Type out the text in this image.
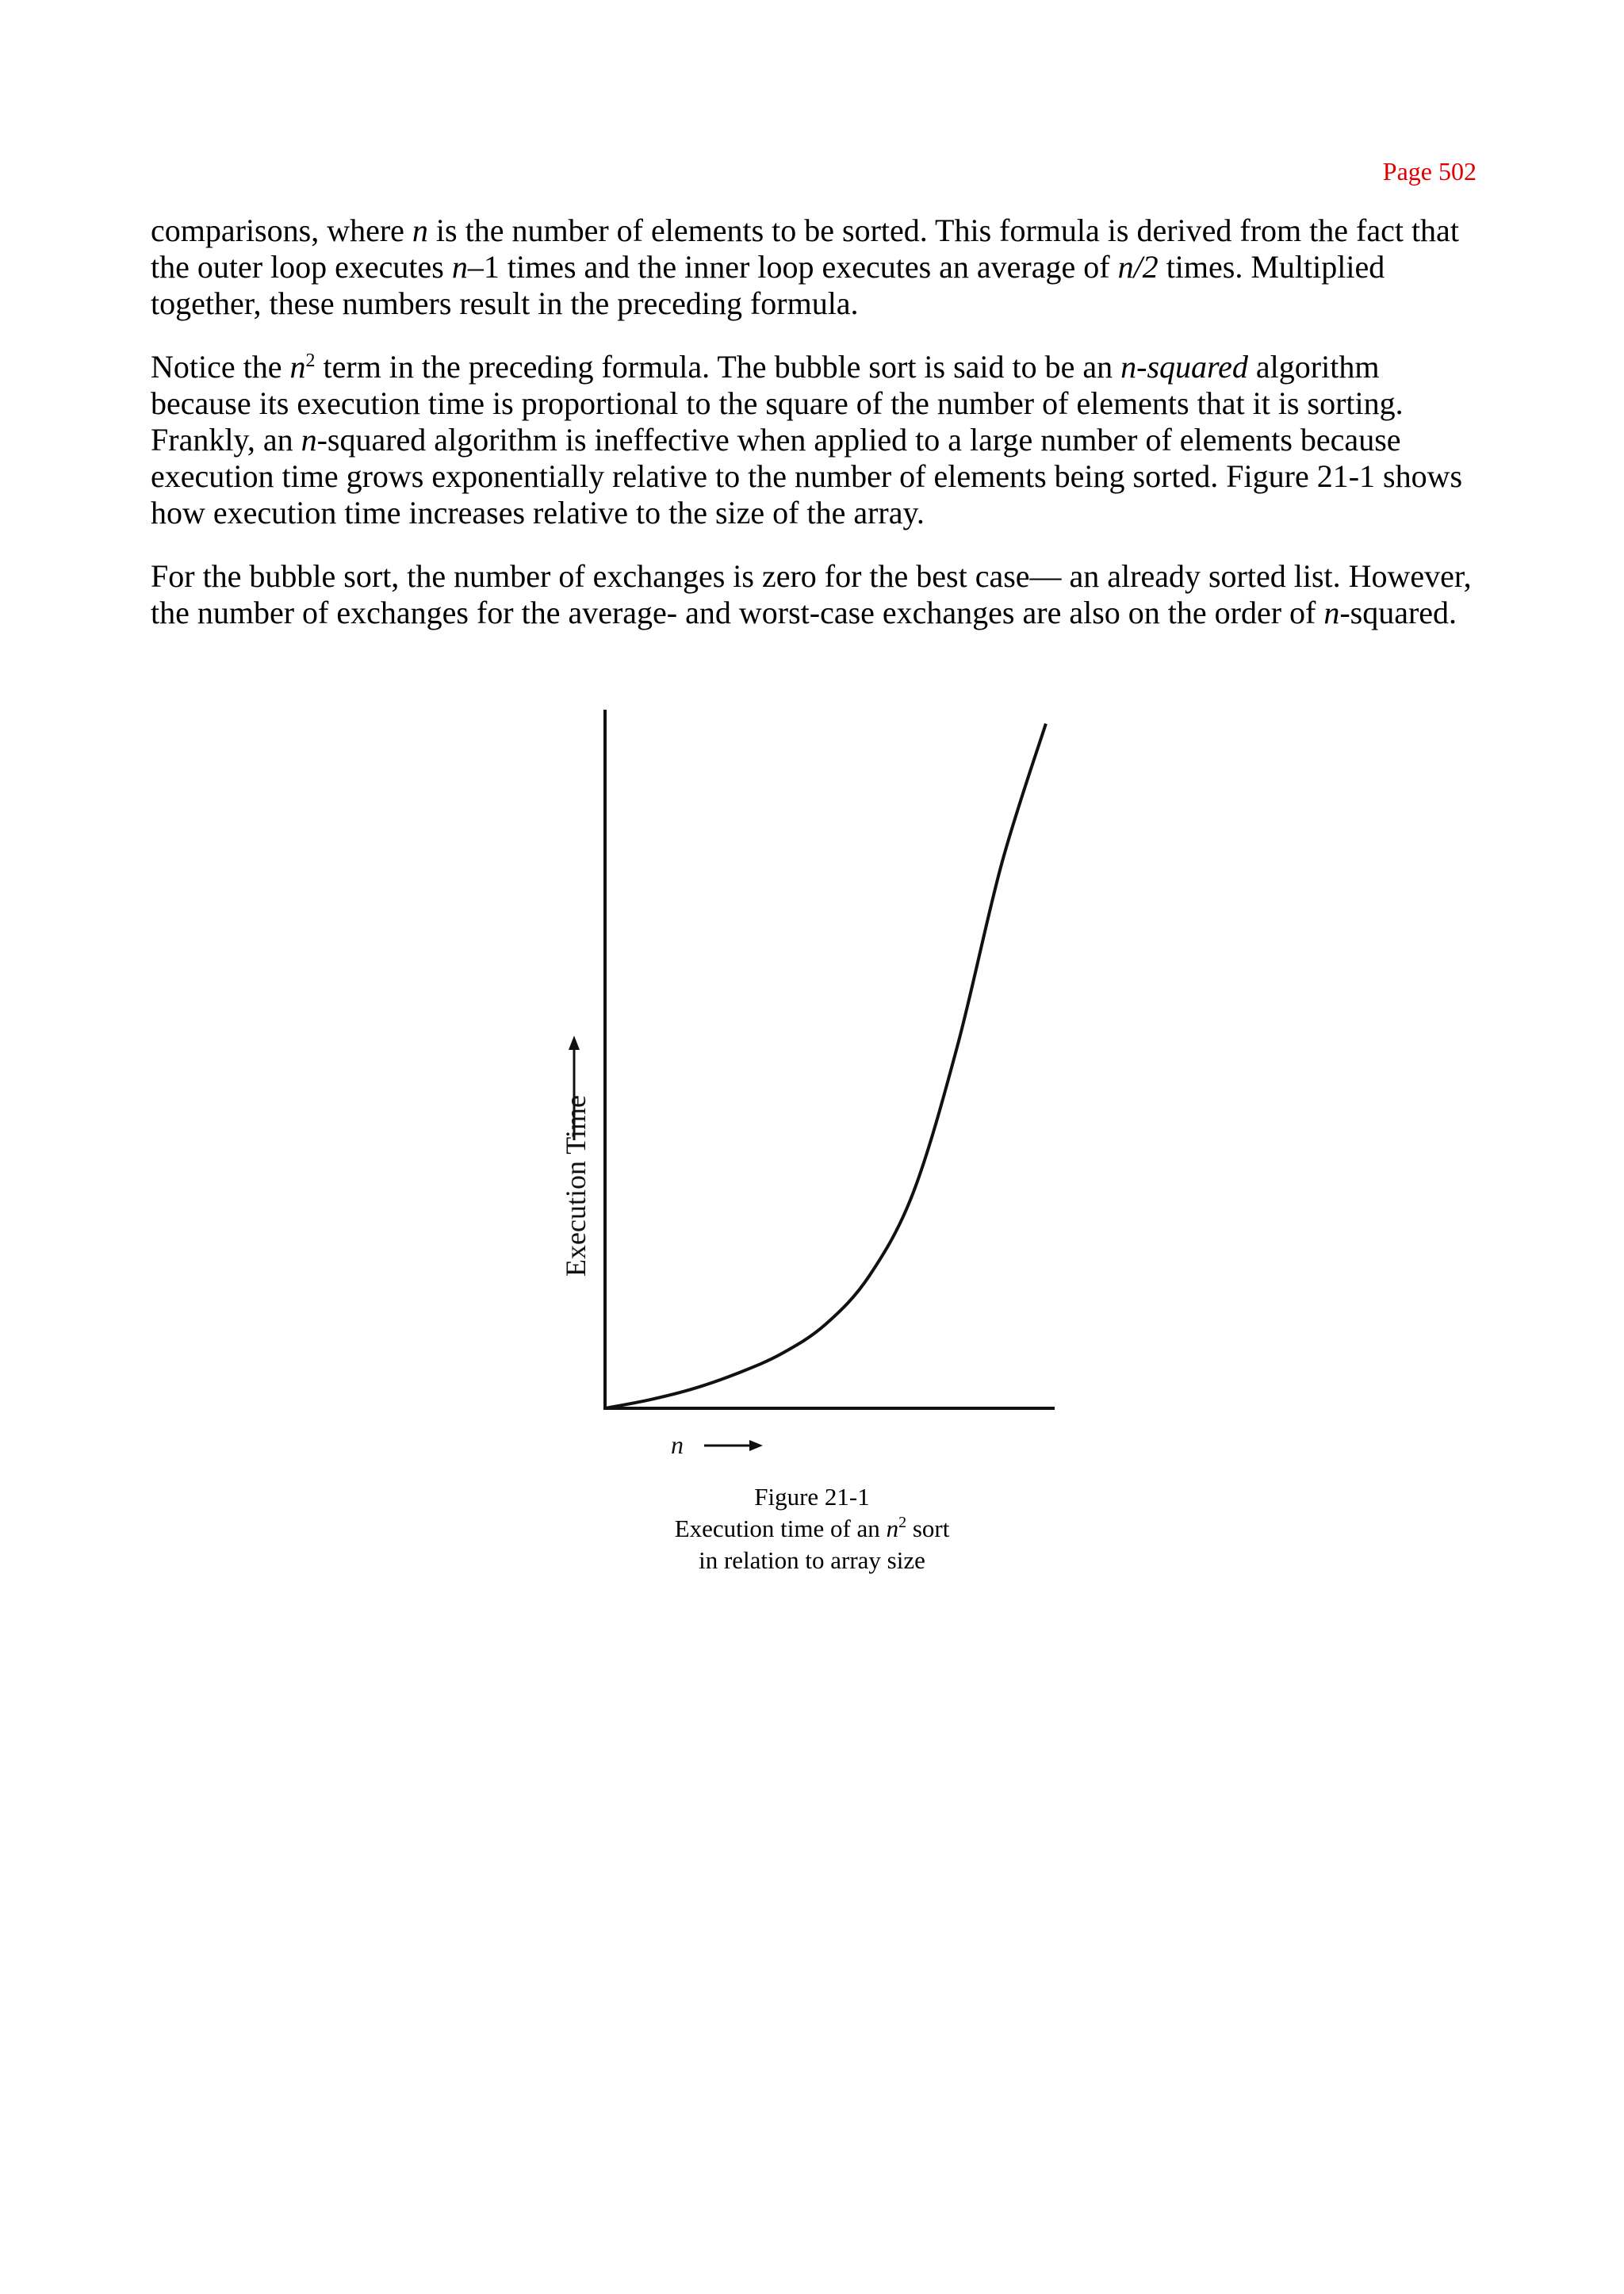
Page 502

comparisons, where n is the number of elements to be sorted. This formula is derived from the fact that the outer loop executes n–1 times and the inner loop executes an average of n/2 times. Multiplied together, these numbers result in the preceding formula.

Notice the $n^2$ term in the preceding formula. The bubble sort is said to be an n-squared algorithm because its execution time is proportional to the square of the number of elements that it is sorting. Frankly, an n-squared algorithm is ineffective when applied to a large number of elements because execution time grows exponentially relative to the number of elements being sorted. Figure 21-1 shows how execution time increases relative to the size of the array.

For the bubble sort, the number of exchanges is zero for the best case— an already sorted list. However, the number of exchanges for the average- and worst-case exchanges are also on the order of n-squared.

Execution Time
n
Figure 21-1
Execution time of an $n^2$ sort
in relation to array size
